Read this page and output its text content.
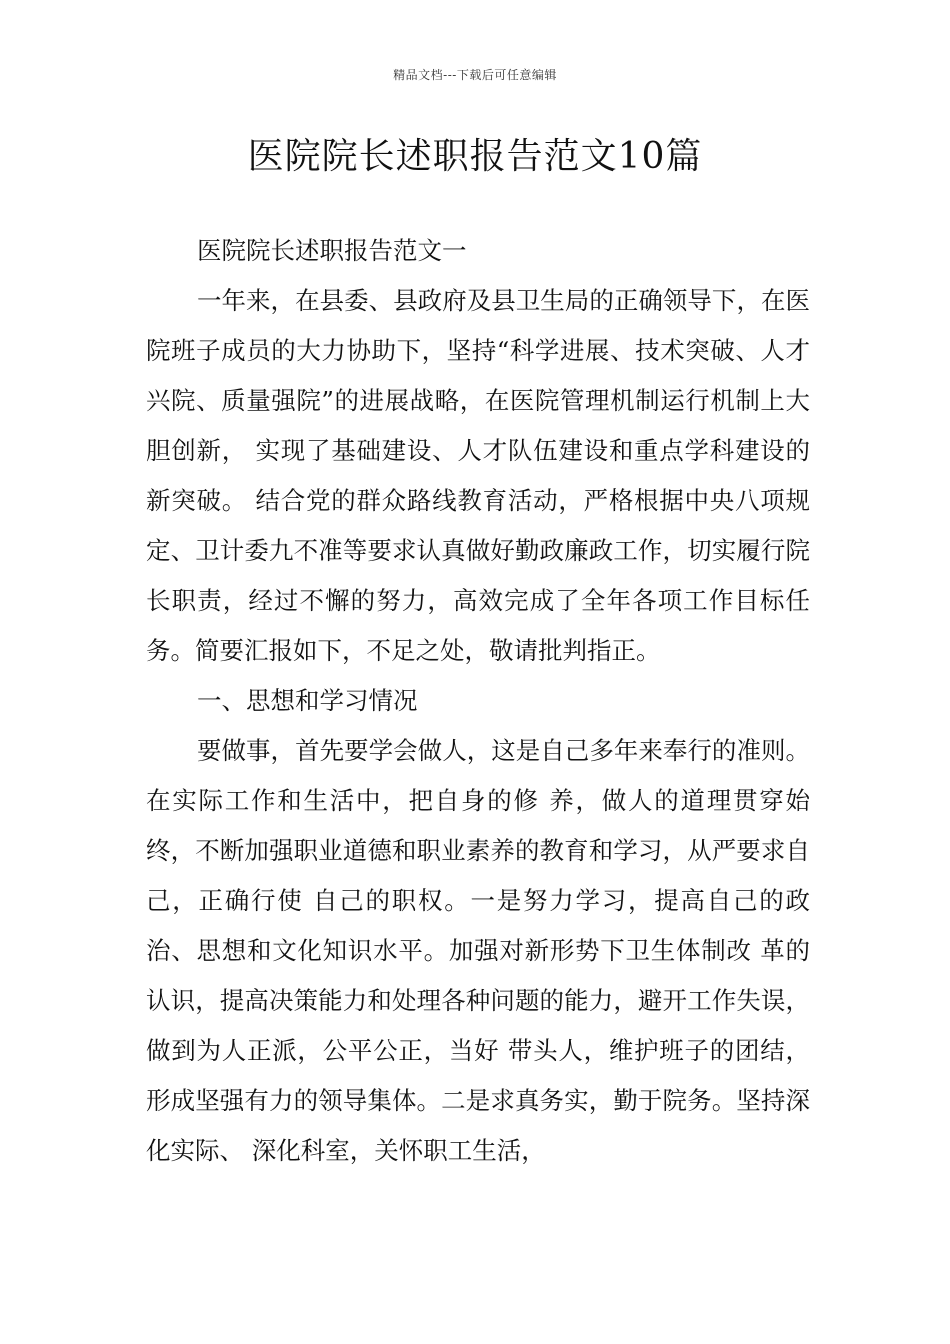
精品文档---下载后可任意编辑
医院院长述职报告范文10篇

医院院长述职报告范文一

一年来，在县委、县政府及县卫生局的正确领导下，在医院班子成员的大力协助下，坚持“科学进展、技术突破、人才兴院、质量强院”的进展战略，在医院管理机制运行机制上大胆创新， 实现了基础建设、人才队伍建设和重点学科建设的新突破。 结合党的群众路线教育活动，严格根据中央八项规定、卫计委九不准等要求认真做好勤政廉政工作，切实履行院长职责，经过不懈的努力，高效完成了全年各项工作目标任务。简要汇报如下，不足之处，敬请批判指正。

一、思想和学习情况

要做事，首先要学会做人，这是自己多年来奉行的准则。在实际工作和生活中，把自身的修 养，做人的道理贯穿始终，不断加强职业道德和职业素养的教育和学习，从严要求自己，正确行使 自己的职权。一是努力学习，提高自己的政治、思想和文化知识水平。加强对新形势下卫生体制改 革的认识，提高决策能力和处理各种问题的能力，避开工作失误，做到为人正派，公平公正，当好 带头人，维护班子的团结，形成坚强有力的领导集体。二是求真务实，勤于院务。坚持深化实际、 深化科室，关怀职工生活，
